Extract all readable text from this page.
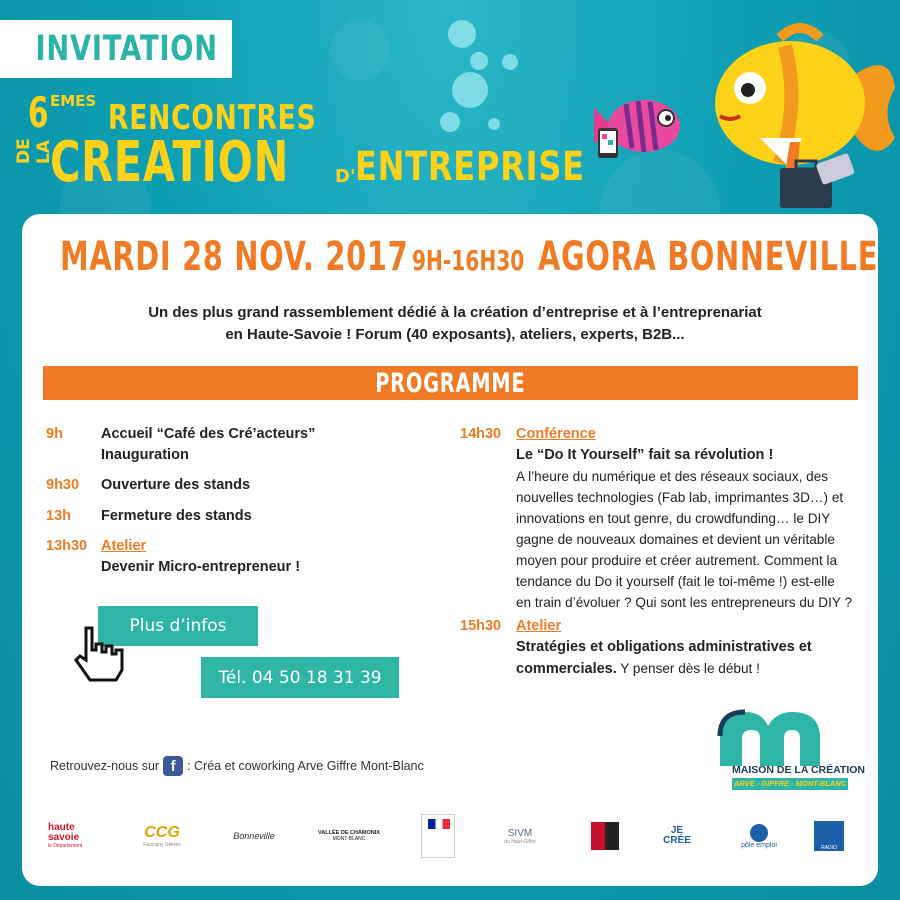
INVITATION
6 EMES RENCONTRES
DE LA
CREATION	D' ENTREPRISE
MARDI 28 NOV. 2017 9H-16H30 AGORA BONNEVILLE
Un des plus grand rassemblement dédié à la création d’entreprise et à l’entreprenariat
en Haute-Savoie ! Forum (40 exposants), ateliers, experts, B2B...
PROGRAMME
9h	Accueil “Café des Cré’acteurs”
Inauguration
9h30 Ouverture des stands
13h Fermeture des stands
13h30 Atelier
Devenir Micro-entrepreneur !
14h30 Conférence
Le “Do It Yourself” fait sa révolution !
A l’heure du numérique et des réseaux sociaux, des
nouvelles technologies (Fab lab, imprimantes 3D…) et
innovations en tout genre, du crowdfunding… le DIY
gagne de nouveaux domaines et devient un véritable
moyen pour produire et créer autrement. Comment la
tendance du Do it yourself (fait le toi-même !) est-elle
en train d’évoluer ? Qui sont les entrepreneurs du DIY ?
15h30 Atelier
Stratégies et obligations administratives et
commerciales. Y penser dès le début !
Plus d’infos
Tél. 04 50 18 31 39
Retrouvez-nous sur f : Créa et coworking Arve Giffre Mont-Blanc	MAISON DE LA CRÉATION
ARVE - GIFFRE - MONT-BLANC
haute
savoie
le Département
CCG
Faucigny Glières
Bonneville	VALLÉE DE CHAMONIX
MONT-BLANC
SIVM
du Haut-Giffre
JE
CRÉE	pôle emploi	RADIO
